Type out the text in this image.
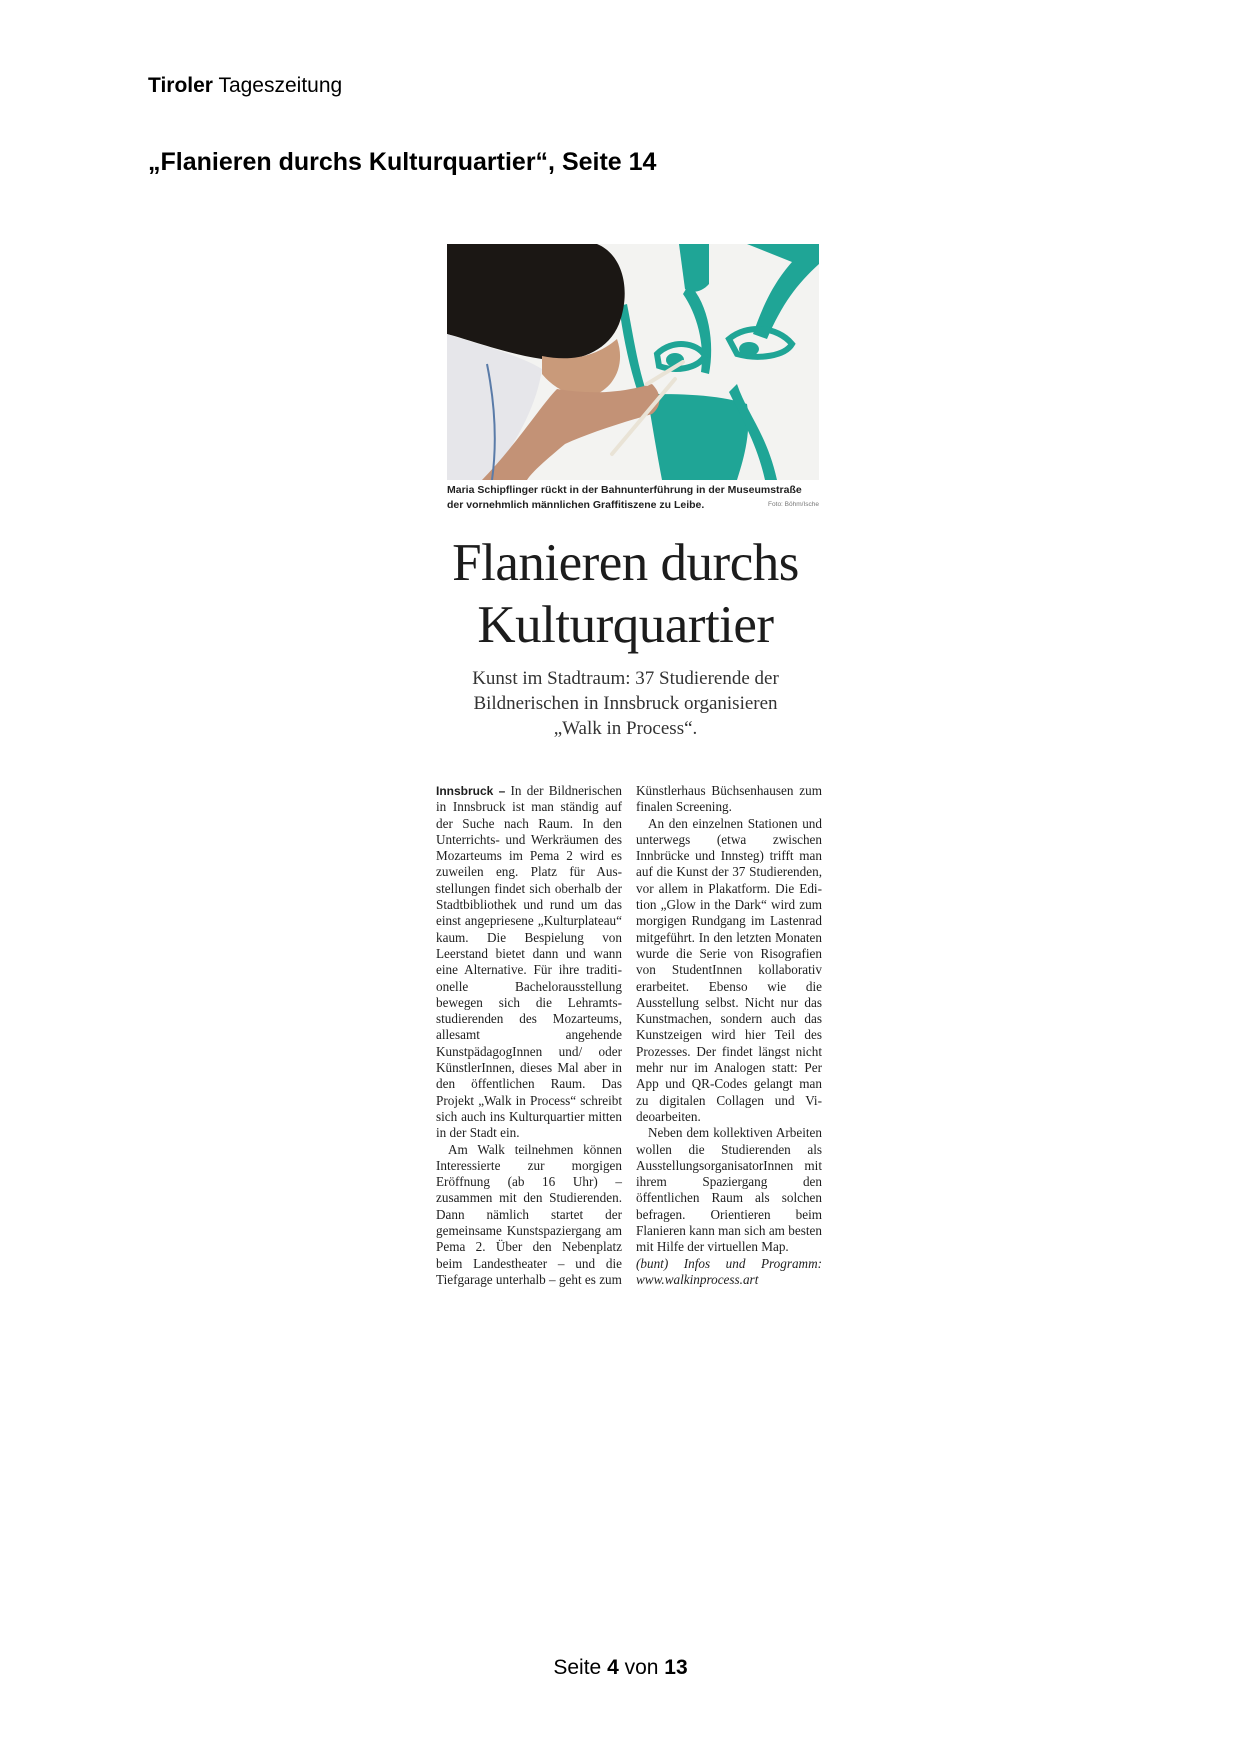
Tiroler Tageszeitung
„Flanieren durchs Kulturquartier“, Seite 14
Maria Schipflinger rückt in der Bahnunterführung in der Museumstraße der vornehmlich männlichen Graffitiszene zu Leibe.	Foto: Böhm/Ische
Flanieren durchs
Kulturquartier
Kunst im Stadtraum: 37 Studierende der Bildnerischen in Innsbruck organisieren „Walk in Process“.

Innsbruck – In der Bildnerischen in Innsbruck ist man ständig auf der Suche nach Raum. In den Unterrichts- und Werkräumen des Mozarteums im Pema 2 wird es zuweilen eng. Platz für Ausstellungen findet sich oberhalb der Stadtbibliothek und rund um das einst angepriesene „Kulturplateau“ kaum. Die Bespielung von Leerstand bietet dann und wann eine Alternative. Für ihre traditionelle Bachelorausstellung bewegen sich die Lehramtsstudierenden des Mozarteums, allesamt angehende KunstpädagogInnen und/ oder KünstlerInnen, dieses Mal aber in den öffentlichen Raum. Das Projekt „Walk in Process“ schreibt sich auch ins Kulturquartier mitten in der Stadt ein.

Am Walk teilnehmen können Interessierte zur morgigen Eröffnung (ab 16 Uhr) – zusammen mit den Studierenden. Dann nämlich startet der gemeinsame Kunstspaziergang am Pema 2. Über den Nebenplatz beim Landestheater – und die Tiefgarage unterhalb – geht es zum

Künstlerhaus Büchsenhausen zum finalen Screening.

An den einzelnen Stationen und unterwegs (etwa zwischen Innbrücke und Innsteg) trifft man auf die Kunst der 37 Studierenden, vor allem in Plakatform. Die Edition „Glow in the Dark“ wird zum morgigen Rundgang im Lastenrad mitgeführt. In den letzten Monaten wurde die Serie von Risografien von StudentInnen kollaborativ erarbeitet. Ebenso wie die Ausstellung selbst. Nicht nur das Kunstmachen, sondern auch das Kunstzeigen wird hier Teil des Prozesses. Der findet längst nicht mehr nur im Analogen statt: Per App und QR-Codes gelangt man zu digitalen Collagen und Videoarbeiten.

Neben dem kollektiven Arbeiten wollen die Studierenden als AusstellungsorganisatorInnen mit ihrem Spaziergang den öffentlichen Raum als solchen befragen. Orientieren beim Flanieren kann man sich am besten mit Hilfe der virtuellen Map.

(bunt) Infos und Programm: www.walkinprocess.art

Seite 4 von 13
